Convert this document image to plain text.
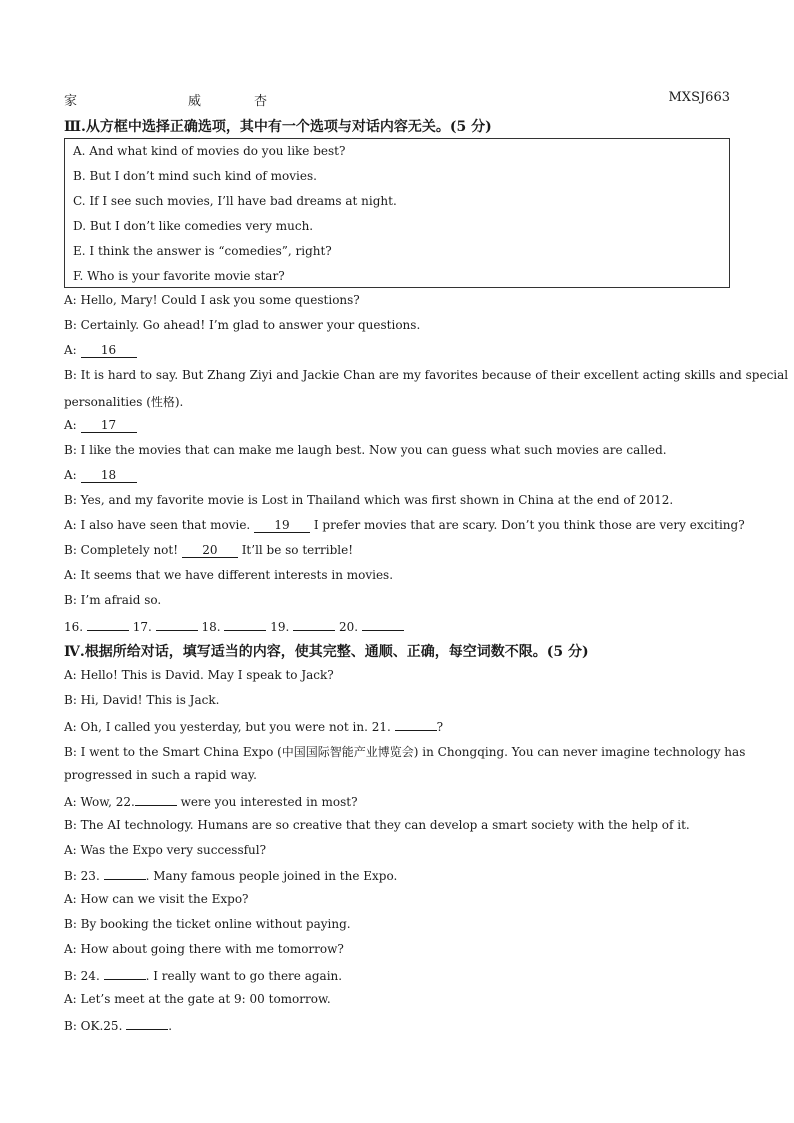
家	威	杏	MXSJ663
Ⅲ.从方框中选择正确选项，其中有一个选项与对话内容无关。(5 分)
A. And what kind of movies do you like best?
B. But I don’t mind such kind of movies.
C. If I see such movies, I’ll have bad dreams at night.
D. But I don’t like comedies very much.
E. I think the answer is “comedies”, right?
F. Who is your favorite movie star?
A: Hello, Mary! Could I ask you some questions?
B: Certainly. Go ahead! I’m glad to answer your questions.
A: 16
B: It is hard to say. But Zhang Ziyi and Jackie Chan are my favorites because of their excellent acting skills and special
personalities (性格).
A: 17
B: I like the movies that can make me laugh best. Now you can guess what such movies are called.
A: 18
B: Yes, and my favorite movie is Lost in Thailand which was first shown in China at the end of 2012.
A: I also have seen that movie. 19 I prefer movies that are scary. Don’t you think those are very exciting?
B: Completely not! 20 It’ll be so terrible!
A: It seems that we have different interests in movies.
B: I’m afraid so.
16.	17.	18.	19.	20.
Ⅳ.根据所给对话，填写适当的内容，使其完整、通顺、正确，每空词数不限。(5 分)
A: Hello! This is David. May I speak to Jack?
B: Hi, David! This is Jack.
A: Oh, I called you yesterday, but you were not in. 21.	?
B: I went to the Smart China Expo (中国国际智能产业博览会) in Chongqing. You can never imagine technology has
progressed in such a rapid way.
A: Wow, 22.	were you interested in most?
B: The AI technology. Humans are so creative that they can develop a smart society with the help of it.
A: Was the Expo very successful?
B: 23.	. Many famous people joined in the Expo.
A: How can we visit the Expo?
B: By booking the ticket online without paying.
A: How about going there with me tomorrow?
B: 24.	. I really want to go there again.
A: Let’s meet at the gate at 9: 00 tomorrow.
B: OK.25.	.
